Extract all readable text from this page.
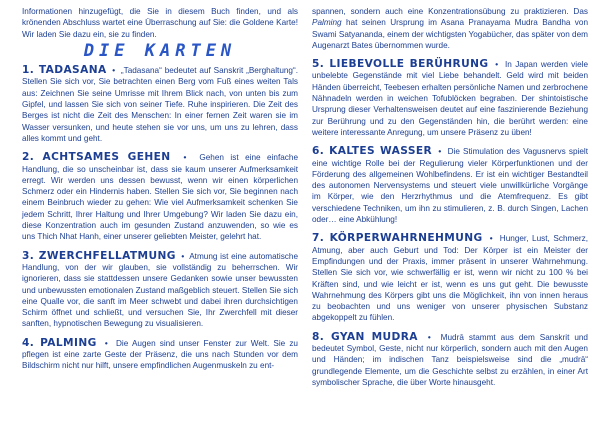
Informationen hinzugefügt, die Sie in diesem Buch finden, und als krönenden Abschluss wartet eine Überraschung auf Sie: die Goldene Karte! Wir laden Sie dazu ein, sie zu finden.

DIE KARTEN

1. TADASANA  •  „Tadasana“ bedeutet auf Sanskrit „Berghaltung“. Stellen Sie sich vor, Sie betrachten einen Berg vom Fuß eines weiten Tals aus: Zeichnen Sie seine Umrisse mit Ihrem Blick nach, von unten bis zum Gipfel, und lassen Sie sich von seiner Tiefe. Ruhe inspirieren. Die Zeit des Berges ist nicht die Zeit des Menschen: In einer fernen Zeit waren sie im Wasser versunken, und heute stehen sie vor uns, um uns zu lehren, dass alles kommt und geht.

2. ACHTSAMES GEHEN  •  Gehen ist eine einfache Handlung, die so unscheinbar ist, dass sie kaum unserer Aufmerksamkeit erregt. Wir werden uns dessen bewusst, wenn wir einen körperlichen Schmerz oder ein Hindernis haben. Stellen Sie sich vor, Sie beginnen nach einem Beinbruch wieder zu gehen: Wie viel Aufmerksamkeit schenken Sie jedem Schritt, Ihrer Haltung und Ihrer Umgebung? Wir laden Sie dazu ein, diese Konzentration auch im gesunden Zustand anzuwenden, so wie es uns Thich Nhat Hanh, einer unserer geliebten Meister, gelehrt hat.

3. ZWERCHFELLATMUNG  •  Atmung ist eine automatische Handlung, von der wir glauben, sie vollständig zu beherrschen. Wir ignorieren, dass sie stattdessen unsere Gedanken sowie unser bewussten und unbewussten emotionalen Zustand maßgeblich steuert. Stellen Sie sich eine Qualle vor, die sanft im Meer schwebt und dabei ihren durchsichtigen Schirm öffnet und schließt, und versuchen Sie, Ihr Zwerchfell mit dieser sanften, hypnotischen Bewegung zu visualisieren.

4. PALMING  •  Die Augen sind unser Fenster zur Welt. Sie zu pflegen ist eine zarte Geste der Präsenz, die uns nach Stunden vor dem Bildschirm nicht nur hilft, unsere empfindlichen Augenmuskeln zu ent-

spannen, sondern auch eine Konzentrationsübung zu praktizieren. Das Palming hat seinen Ursprung im Asana Pranayama Mudra Bandha von Swami Satyananda, einem der wichtigsten Yogabücher, das später von dem Augenarzt Bates übernommen wurde.

5. LIEBEVOLLE BERÜHRUNG  •  In Japan werden viele unbelebte Gegenstände mit viel Liebe behandelt. Geld wird mit beiden Händen überreicht, Teebesen erhalten persönliche Namen und zerbrochene Nähnadeln werden in weichen Tofublöcken begraben. Der shintoistische Ursprung dieser Verhaltensweisen deutet auf eine faszinierende Beziehung zur Berührung und zu den Gegenständen hin, die berührt werden: eine weitere interessante Anregung, um unsere Präsenz zu üben!

6. KALTES WASSER  •  Die Stimulation des Vagusnervs spielt eine wichtige Rolle bei der Regulierung vieler Körperfunktionen und der Förderung des allgemeinen Wohlbefindens. Er ist ein wichtiger Bestandteil des autonomen Nervensystems und steuert viele unwillkürliche Vorgänge im Körper, wie den Herzrhythmus und die Atemfrequenz. Es gibt verschiedene Techniken, um ihn zu stimulieren, z. B. durch Singen, Lachen oder… eine Abkühlung!

7. KÖRPERWAHRNEHMUNG  •  Hunger, Lust, Schmerz, Atmung, aber auch Geburt und Tod: Der Körper ist ein Meister der Empfindungen und der Praxis, immer präsent in unserer Wahrnehmung. Stellen Sie sich vor, wie schwerfällig er ist, wenn wir nicht zu 100 % bei Kräften sind, und wie leicht er ist, wenn es uns gut geht. Die bewusste Wahrnehmung des Körpers gibt uns die Möglichkeit, ihn von innen heraus zu beobachten und uns weniger von unserer physischen Substanz abgekoppelt zu fühlen.

8. GYAN MUDRA  •  Mudrā stammt aus dem Sanskrit und bedeutet Symbol, Geste, nicht nur körperlich, sondern auch mit den Augen und Händen; im indischen Tanz beispielsweise sind die „mudrā“ grundlegende Elemente, um die Geschichte selbst zu erzählen, in einer Art symbolischer Sprache, die über Worte hinausgeht.
